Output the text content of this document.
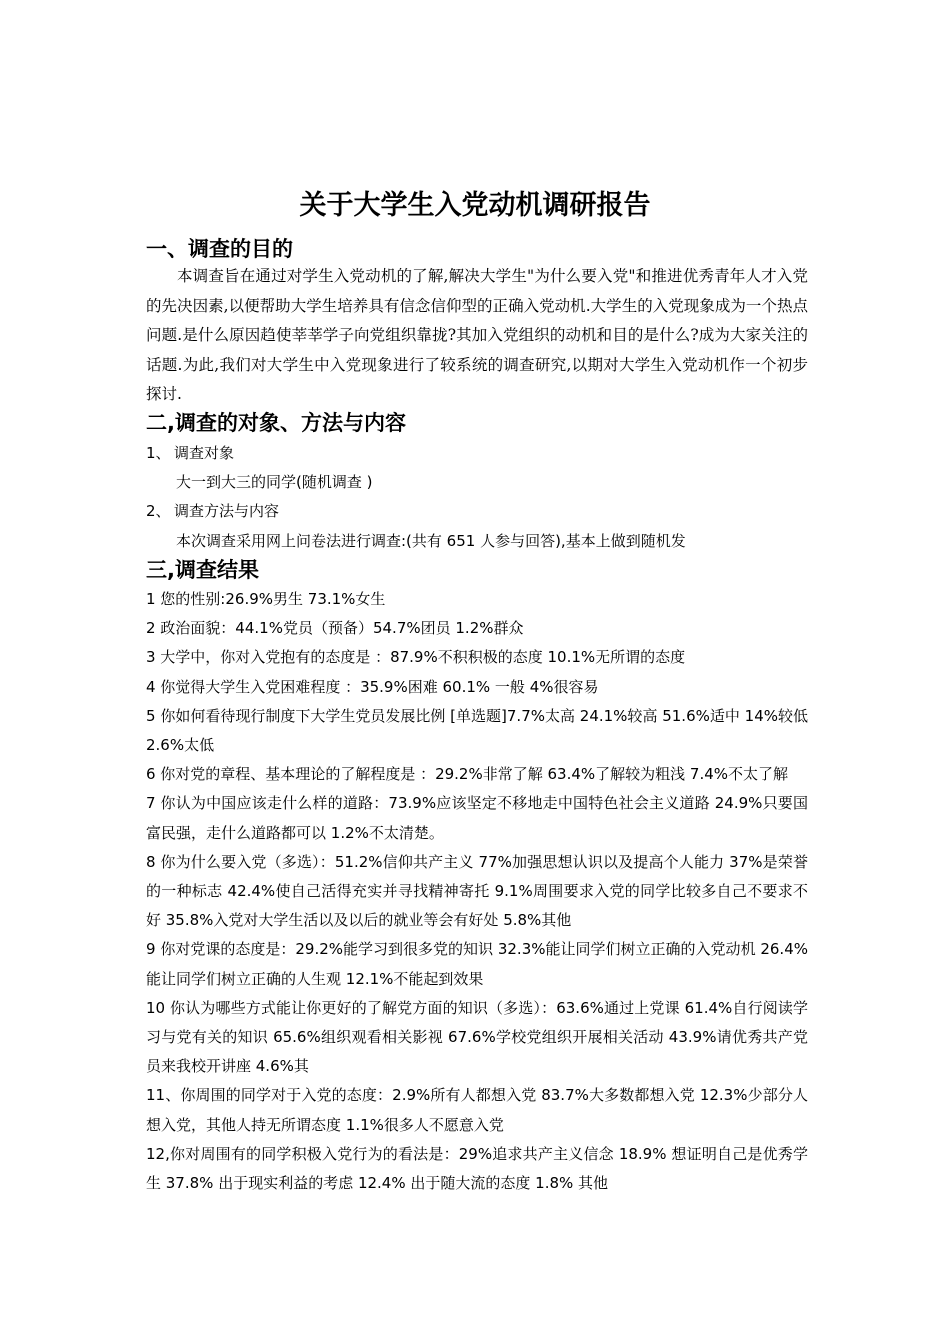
关于大学生入党动机调研报告
一、调查的目的
本调查旨在通过对学生入党动机的了解,解决大学生"为什么要入党"和推进优秀青年人才入党的先决因素,以便帮助大学生培养具有信念信仰型的正确入党动机.大学生的入党现象成为一个热点问题.是什么原因趋使莘莘学子向党组织靠拢?其加入党组织的动机和目的是什么?成为大家关注的话题.为此,我们对大学生中入党现象进行了较系统的调查研究,以期对大学生入党动机作一个初步探讨.
二,调查的对象、方法与内容
1、 调查对象
大一到大三的同学(随机调查 )
2、 调查方法与内容
本次调查采用网上问卷法进行调查:(共有 651 人参与回答),基本上做到随机发
三,调查结果

1 您的性别:26.9%男生 73.1%女生

2 政治面貌：44.1%党员（预备）54.7%团员 1.2%群众

3 大学中，你对入党抱有的态度是 ：87.9%不积积极的态度 10.1%无所谓的态度

4 你觉得大学生入党困难程度 ：35.9%困难 60.1% 一般 4%很容易

5 你如何看待现行制度下大学生党员发展比例 [单选题]7.7%太高 24.1%较高 51.6%适中 14%较低 2.6%太低

6 你对党的章程、基本理论的了解程度是 ：29.2%非常了解 63.4%了解较为粗浅 7.4%不太了解

7 你认为中国应该走什么样的道路：73.9%应该坚定不移地走中国特色社会主义道路 24.9%只要国富民强，走什么道路都可以 1.2%不太清楚。

8 你为什么要入党（多选）：51.2%信仰共产主义 77%加强思想认识以及提高个人能力 37%是荣誉的一种标志 42.4%使自己活得充实并寻找精神寄托 9.1%周围要求入党的同学比较多自己不要求不好 35.8%入党对大学生活以及以后的就业等会有好处 5.8%其他

9 你对党课的态度是：29.2%能学习到很多党的知识 32.3%能让同学们树立正确的入党动机 26.4%能让同学们树立正确的人生观 12.1%不能起到效果

10 你认为哪些方式能让你更好的了解党方面的知识（多选）：63.6%通过上党课 61.4%自行阅读学习与党有关的知识 65.6%组织观看相关影视 67.6%学校党组织开展相关活动 43.9%请优秀共产党员来我校开讲座 4.6%其

11、你周围的同学对于入党的态度：2.9%所有人都想入党 83.7%大多数都想入党 12.3%少部分人想入党，其他人持无所谓态度 1.1%很多人不愿意入党

12,你对周围有的同学积极入党行为的看法是：29%追求共产主义信念 18.9% 想证明自己是优秀学生 37.8% 出于现实利益的考虑 12.4% 出于随大流的态度 1.8% 其他
